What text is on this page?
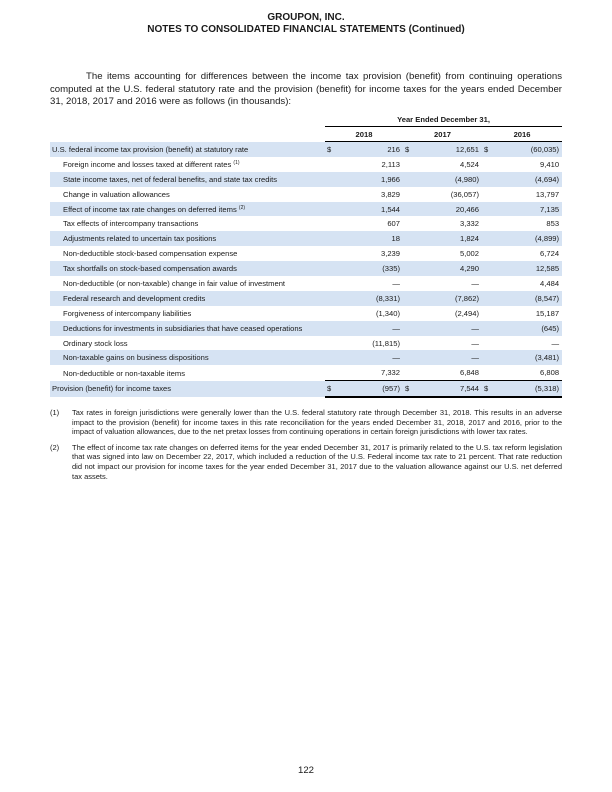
GROUPON, INC.
NOTES TO CONSOLIDATED FINANCIAL STATEMENTS (Continued)

The items accounting for differences between the income tax provision (benefit) from continuing operations computed at the U.S. federal statutory rate and the provision (benefit) for income taxes for the years ended December 31, 2018, 2017 and 2016 were as follows (in thousands):

	Year Ended December 31,					
	2018		2017		2016	
U.S. federal income tax provision (benefit) at statutory rate	$	216	$	12,651	$	(60,035)
Foreign income and losses taxed at different rates $^{(1)}$		2,113		4,524		9,410
State income taxes, net of federal benefits, and state tax credits		1,966		(4,980)		(4,694)
Change in valuation allowances		3,829		(36,057)		13,797
Effect of income tax rate changes on deferred items $^{(2)}$		1,544		20,466		7,135
Tax effects of intercompany transactions		607		3,332		853
Adjustments related to uncertain tax positions		18		1,824		(4,899)
Non-deductible stock-based compensation expense		3,239		5,002		6,724
Tax shortfalls on stock-based compensation awards		(335)		4,290		12,585
Non-deductible (or non-taxable) change in fair value of investment		—		—		4,484
Federal research and development credits		(8,331)		(7,862)		(8,547)
Forgiveness of intercompany liabilities		(1,340)		(2,494)		15,187
Deductions for investments in subsidiaries that have ceased operations		—		—		(645)
Ordinary stock loss		(11,815)		—		—
Non-taxable gains on business dispositions		—		—		(3,481)
Non-deductible or non-taxable items		7,332		6,848		6,808
Provision (benefit) for income taxes	$	(957)	$	7,544	$	(5,318)
(1)	Tax rates in foreign jurisdictions were generally lower than the U.S. federal statutory rate through December 31, 2018. This results in an adverse impact to the provision (benefit) for income taxes in this rate reconciliation for the years ended December 31, 2018, 2017 and 2016, prior to the impact of valuation allowances, due to the net pretax losses from continuing operations in certain foreign jurisdictions with lower tax rates.
(2)	The effect of income tax rate changes on deferred items for the year ended December 31, 2017 is primarily related to the U.S. tax reform legislation that was signed into law on December 22, 2017, which included a reduction of the U.S. Federal income tax rate to 21 percent. That rate reduction did not impact our provision for income taxes for the year ended December 31, 2017 due to the valuation allowance against our U.S. net deferred tax assets.
122
